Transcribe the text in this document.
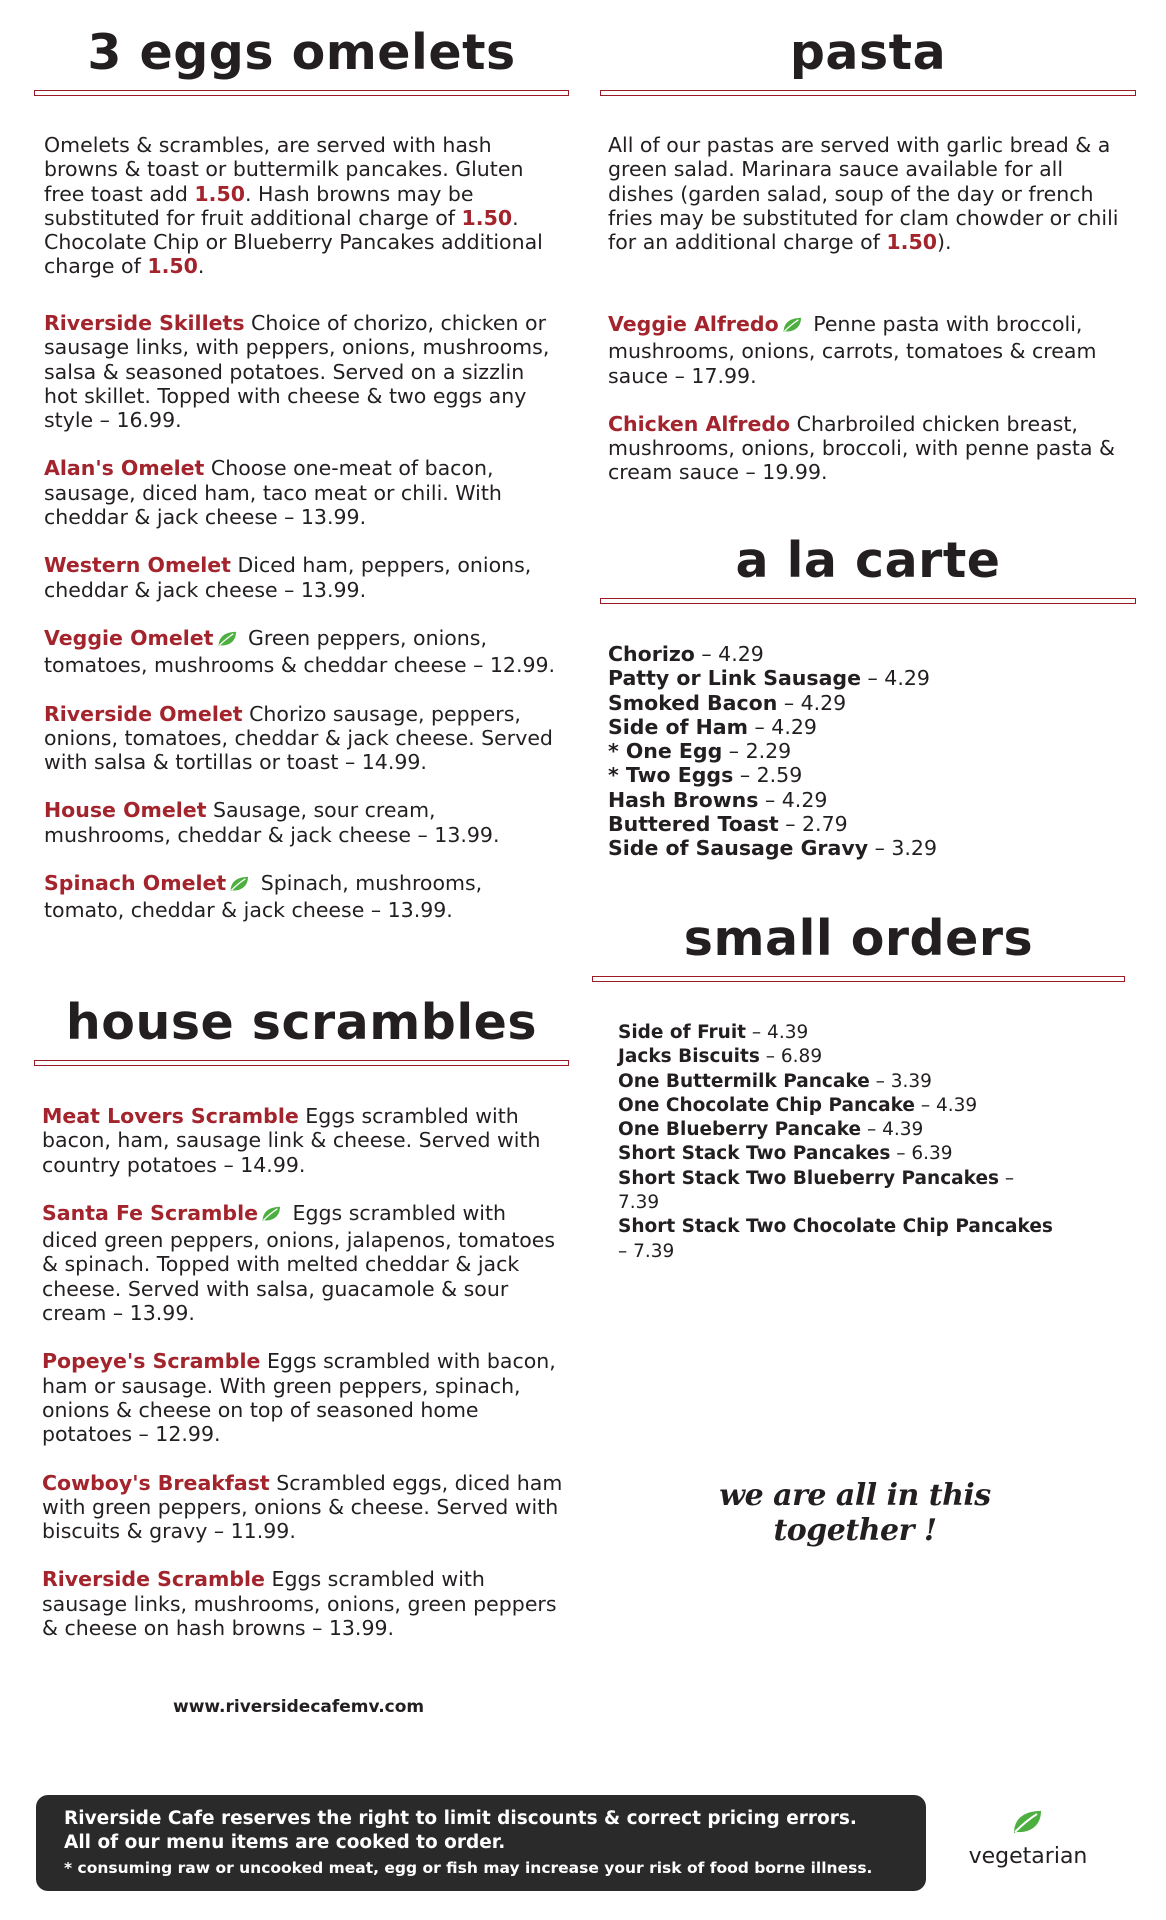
3 eggs omelets
Omelets & scrambles, are served with hash browns & toast or buttermilk pancakes. Gluten free toast add 1.50. Hash browns may be substituted for fruit additional charge of 1.50. Chocolate Chip or Blueberry Pancakes additional charge of 1.50.

Riverside Skillets Choice of chorizo, chicken or sausage links, with peppers, onions, mushrooms, salsa & seasoned potatoes. Served on a sizzlin hot skillet. Topped with cheese & two eggs any style – 16.99.

Alan's Omelet Choose one-meat of bacon, sausage, diced ham, taco meat or chili. With cheddar & jack cheese – 13.99.

Western Omelet Diced ham, peppers, onions, cheddar & jack cheese – 13.99.

Veggie Omelet Green peppers, onions, tomatoes, mushrooms & cheddar cheese – 12.99.

Riverside Omelet Chorizo sausage, peppers, onions, tomatoes, cheddar & jack cheese. Served with salsa & tortillas or toast – 14.99.

House Omelet Sausage, sour cream, mushrooms, cheddar & jack cheese – 13.99.

Spinach Omelet Spinach, mushrooms, tomato, cheddar & jack cheese – 13.99.

house scrambles

Meat Lovers Scramble Eggs scrambled with bacon, ham, sausage link & cheese. Served with country potatoes – 14.99.

Santa Fe Scramble Eggs scrambled with diced green peppers, onions, jalapenos, tomatoes & spinach. Topped with melted cheddar & jack cheese. Served with salsa, guacamole & sour cream – 13.99.

Popeye's Scramble Eggs scrambled with bacon, ham or sausage. With green peppers, spinach, onions & cheese on top of seasoned home potatoes – 12.99.

Cowboy's Breakfast Scrambled eggs, diced ham with green peppers, onions & cheese. Served with biscuits & gravy – 11.99.

Riverside Scramble Eggs scrambled with sausage links, mushrooms, onions, green peppers & cheese on hash browns – 13.99.

www.riversidecafemv.com
pasta
All of our pastas are served with garlic bread & a green salad. Marinara sauce available for all dishes (garden salad, soup of the day or french fries may be substituted for clam chowder or chili for an additional charge of 1.50).

Veggie Alfredo Penne pasta with broccoli, mushrooms, onions, carrots, tomatoes & cream sauce – 17.99.

Chicken Alfredo Charbroiled chicken breast, mushrooms, onions, broccoli, with penne pasta & cream sauce – 19.99.

a la carte
Chorizo – 4.29
Patty or Link Sausage – 4.29
Smoked Bacon – 4.29
Side of Ham – 4.29
* One Egg – 2.29
* Two Eggs – 2.59
Hash Browns – 4.29
Buttered Toast – 2.79
Side of Sausage Gravy – 3.29
small orders
Side of Fruit – 4.39
Jacks Biscuits – 6.89
One Buttermilk Pancake – 3.39
One Chocolate Chip Pancake – 4.39
One Blueberry Pancake – 4.39
Short Stack Two Pancakes – 6.39
Short Stack Two Blueberry Pancakes – 7.39
Short Stack Two Chocolate Chip Pancakes – 7.39
we are all in this together !
Riverside Cafe reserves the right to limit discounts & correct pricing errors.
All of our menu items are cooked to order.
* consuming raw or uncooked meat, egg or fish may increase your risk of food borne illness.	vegetarian
